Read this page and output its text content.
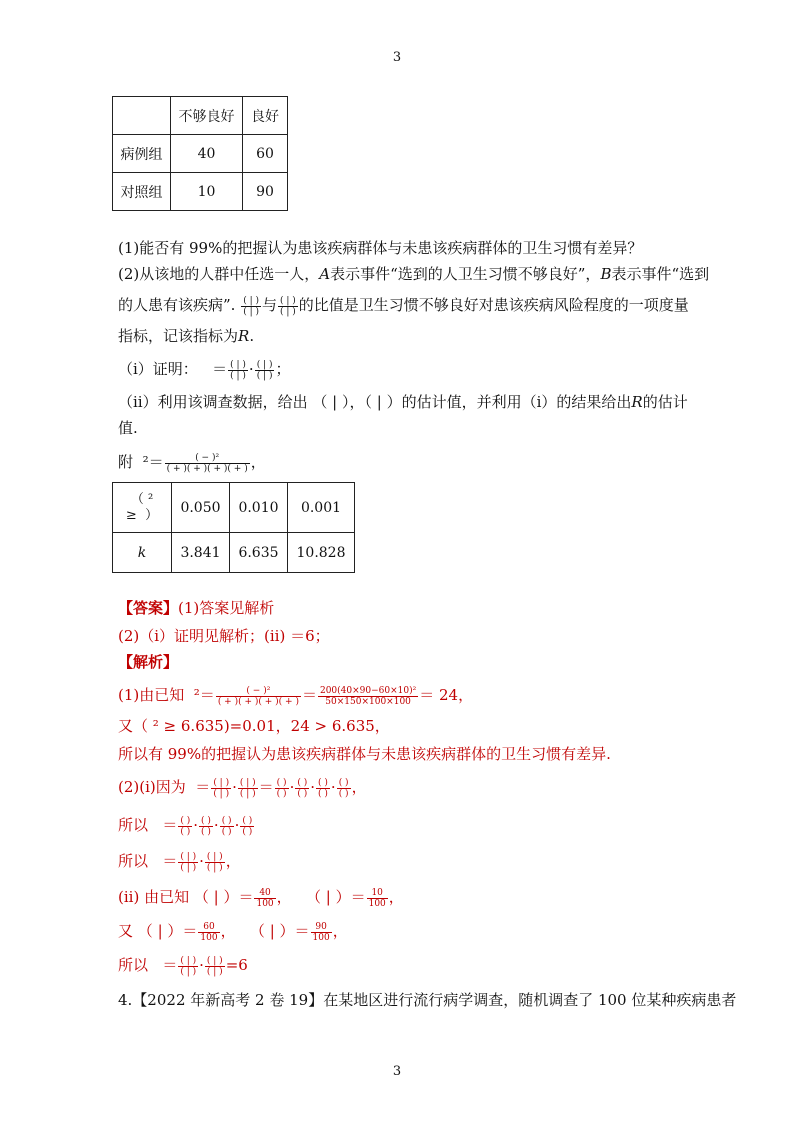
3
	不够良好	良好
病例组	40	60
对照组	10	90
(1)能否有 99%的把握认为患该疾病群体与未患该疾病群体的卫生习惯有差异？
(2)从该地的人群中任选一人，A表示事件“选到的人卫生习惯不够良好”，B表示事件“选到
的人患有该疾病”. $\frac{( | )}{( | )}$ 与 $\frac{( | )}{( | )}$ 的比值是卫生习惯不够良好对患该疾病风险程度的一项度量
指标，记该指标为R.
（ⅰ）证明： ＝ $\frac{( | )}{( | )} \cdot \frac{( | )}{( | )}$ ；
（ⅱ）利用该调查数据，给出 （ | ），（ | ）的估计值，并利用（ⅰ）的结果给出R的估计
值.
附 $^2= \frac{\text{( − )²}}{( + )( + )( + )( + )}$ ，
（ ²
≥  ）	0.050	0.010	0.001
k	3.841	6.635	10.828
【答案】(1)答案见解析
(2)（ⅰ）证明见解析；(ⅱ) ＝6；
【解析】
(1)由已知 $^2= \frac{\text{( − )²}}{( + )( + )( + )( + )} = \frac{\text{200(40×90−60×10)²}}{50\times 150\times 100\times 100} = 24$，
又（ ² ≥ 6.635)=0.01，24 > 6.635，
所以有 99%的把握认为患该疾病群体与未患该疾病群体的卫生习惯有差异.
(2)(i)因为 ＝ $\frac{( | )}{( | )} \cdot \frac{( | )}{( | )} = \frac{( )}{( )} \cdot \frac{( )}{( )} \cdot \frac{( )}{( )} \cdot \frac{( )}{( )}$ ，
所以 ＝ $\frac{( )}{( )} \cdot \frac{( )}{( )} \cdot \frac{( )}{( )} \cdot \frac{( )}{( )}$
所以 ＝ $\frac{( | )}{( | )} \cdot \frac{( | )}{( | )}$ ，
(ii) 由已知 （ | ）＝ $\frac{40}{100}$ ， （ | ）＝ $\frac{10}{100}$ ，
又 （ | ）＝ $\frac{60}{100}$ ， （ | ）＝ $\frac{90}{100}$ ，
所以 ＝ $\frac{( | )}{( | )} \cdot \frac{( | )}{( | )} =6$
4.【2022 年新高考 2 卷 19】在某地区进行流行病学调查，随机调查了 100 位某种疾病患者
3
